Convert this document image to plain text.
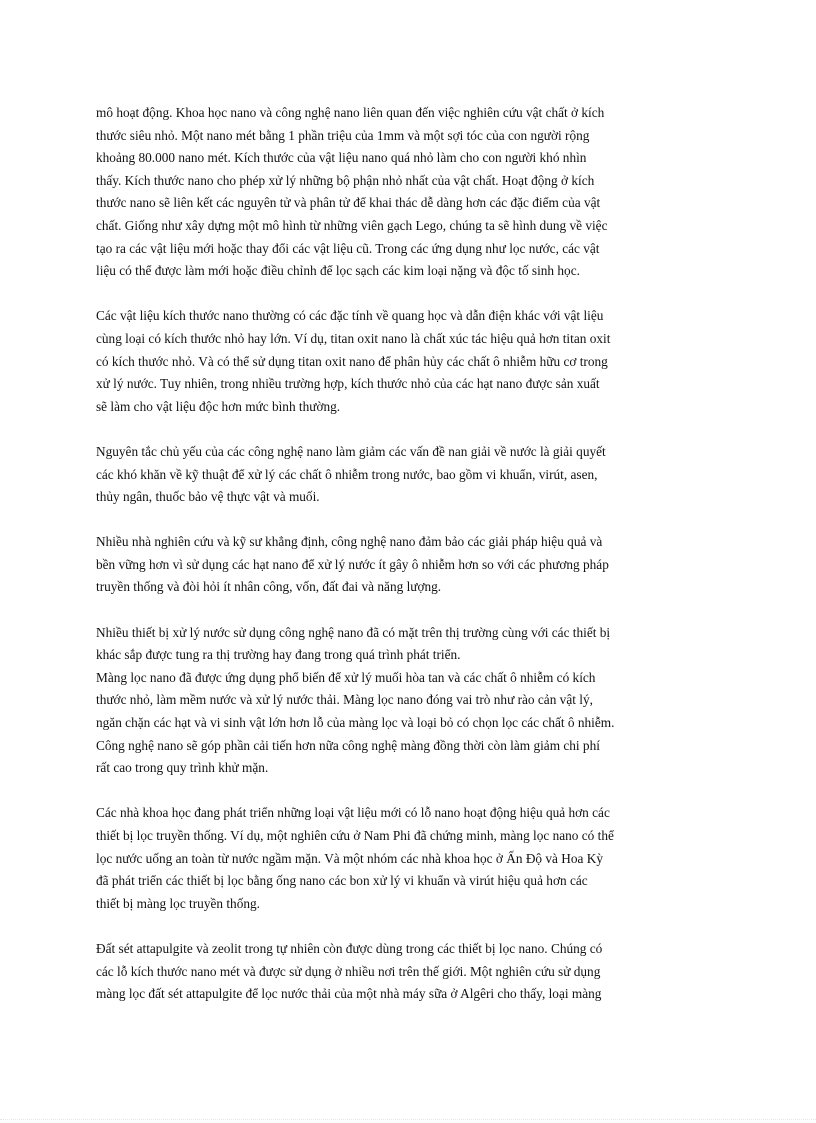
mô hoạt động. Khoa học nano và công nghệ nano liên quan đến việc nghiên cứu vật chất ở kích
thước siêu nhỏ. Một nano mét bằng 1 phần triệu của 1mm và một sợi tóc của con người rộng
khoảng 80.000 nano mét. Kích thước của vật liệu nano quá nhỏ làm cho con người khó nhìn
thấy. Kích thước nano cho phép xử lý những bộ phận nhỏ nhất của vật chất. Hoạt động ở kích
thước nano sẽ liên kết các nguyên tử và phân tử để khai thác dễ dàng hơn các đặc điểm của vật
chất. Giống như xây dựng một mô hình từ những viên gạch Lego, chúng ta sẽ hình dung về việc
tạo ra các vật liệu mới hoặc thay đổi các vật liệu cũ. Trong các ứng dụng như lọc nước, các vật
liệu có thể được làm mới hoặc điều chỉnh để lọc sạch các kim loại nặng và độc tố sinh học.

Các vật liệu kích thước nano thường có các đặc tính về quang học và dẫn điện khác với vật liệu
cùng loại có kích thước nhỏ hay lớn. Ví dụ, titan oxit nano là chất xúc tác hiệu quả hơn titan oxit
có kích thước nhỏ. Và có thể sử dụng titan oxit nano để phân hủy các chất ô nhiễm hữu cơ trong
xử lý nước. Tuy nhiên, trong nhiều trường hợp, kích thước nhỏ của các hạt nano được sản xuất
sẽ làm cho vật liệu độc hơn mức bình thường.

Nguyên tắc chủ yếu của các công nghệ nano làm giảm các vấn đề nan giải về nước là giải quyết
các khó khăn về kỹ thuật để xử lý các chất ô nhiễm trong nước, bao gồm vi khuẩn, virút, asen,
thủy ngân, thuốc bảo vệ thực vật và muối.

Nhiều nhà nghiên cứu và kỹ sư khẳng định, công nghệ nano đảm bảo các giải pháp hiệu quả và
bền vững hơn vì sử dụng các hạt nano để xử lý nước ít gây ô nhiễm hơn so với các phương pháp
truyền thống và đòi hỏi ít nhân công, vốn, đất đai và năng lượng.

Nhiều thiết bị xử lý nước sử dụng công nghệ nano đã có mặt trên thị trường cùng với các thiết bị
khác sắp được tung ra thị trường hay đang trong quá trình phát triển.
Màng lọc nano đã được ứng dụng phổ biến để xử lý muối hòa tan và các chất ô nhiễm có kích
thước nhỏ, làm mềm nước và xử lý nước thải. Màng lọc nano đóng vai trò như rào cản vật lý,
ngăn chặn các hạt và vi sinh vật lớn hơn lỗ của màng lọc và loại bỏ có chọn lọc các chất ô nhiễm.
Công nghệ nano sẽ góp phần cải tiến hơn nữa công nghệ màng đồng thời còn làm giảm chi phí
rất cao trong quy trình khử mặn.

Các nhà khoa học đang phát triển những loại vật liệu mới có lỗ nano hoạt động hiệu quả hơn các
thiết bị lọc truyền thống. Ví dụ, một nghiên cứu ở Nam Phi đã chứng minh, màng lọc nano có thể
lọc nước uống an toàn từ nước ngầm mặn. Và một nhóm các nhà khoa học ở Ấn Độ và Hoa Kỳ
đã phát triển các thiết bị lọc bằng ống nano các bon xử lý vi khuẩn và virút hiệu quả hơn các
thiết bị màng lọc truyền thống.

Đất sét attapulgite và zeolit trong tự nhiên còn được dùng trong các thiết bị lọc nano. Chúng có
các lỗ kích thước nano mét và được sử dụng ở nhiều nơi trên thế giới. Một nghiên cứu sử dụng
màng lọc đất sét attapulgite để lọc nước thải của một nhà máy sữa ở Algêri cho thấy, loại màng
